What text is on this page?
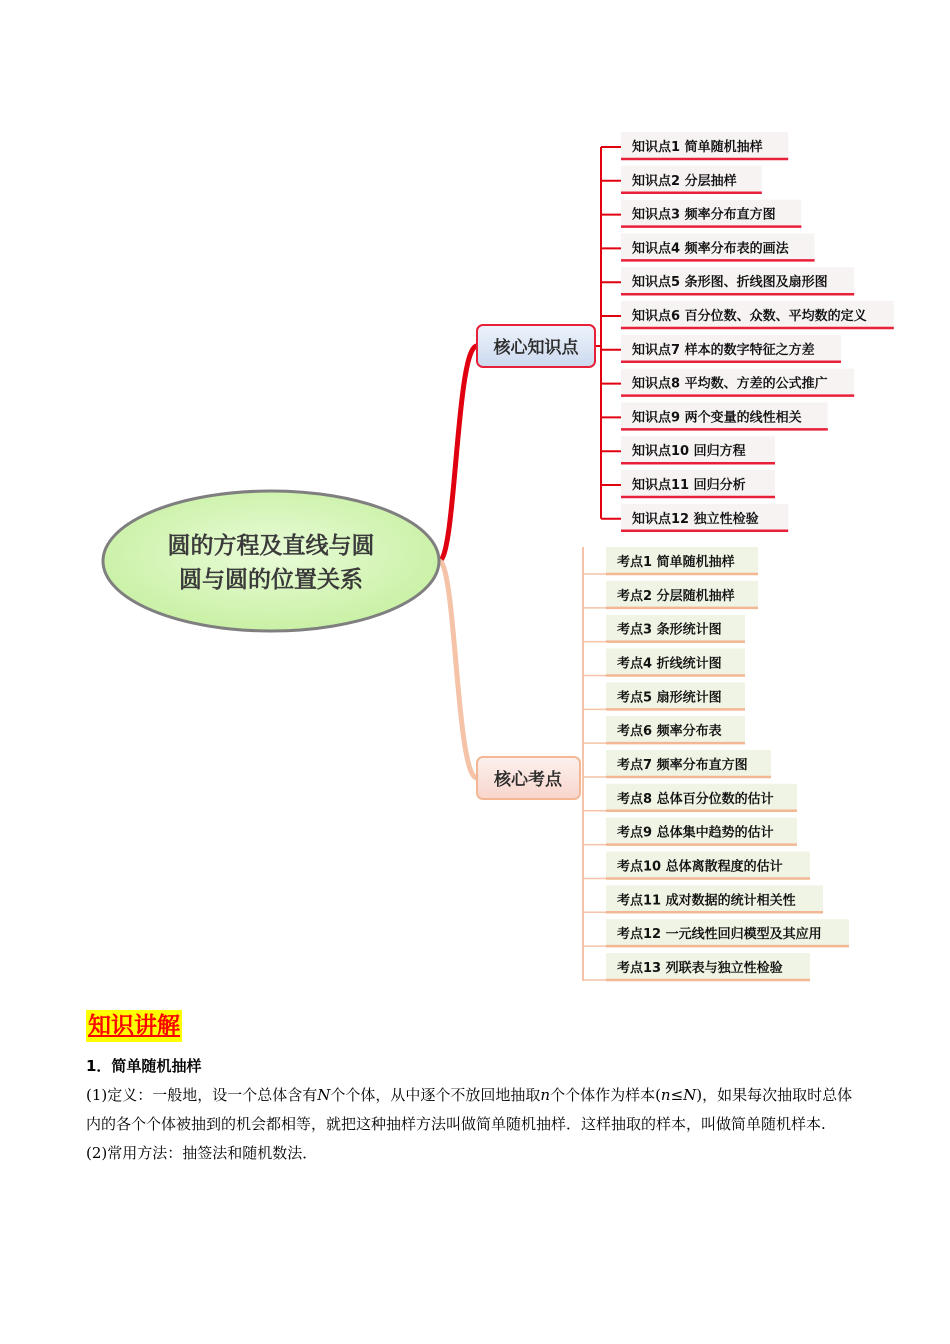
知识点1 简单随机抽样
知识点2 分层抽样
知识点3 频率分布直方图
知识点4 频率分布表的画法
知识点5 条形图、折线图及扇形图
知识点6 百分位数、众数、平均数的定义
知识点7 样本的数字特征之方差
知识点8 平均数、方差的公式推广
知识点9 两个变量的线性相关
知识点10 回归方程
知识点11 回归分析
知识点12 独立性检验
考点1 简单随机抽样
考点2 分层随机抽样
考点3 条形统计图
考点4 折线统计图
考点5 扇形统计图
考点6 频率分布表
考点7 频率分布直方图
考点8 总体百分位数的估计
考点9 总体集中趋势的估计
考点10 总体离散程度的估计
考点11 成对数据的统计相关性
考点12 一元线性回归模型及其应用
考点13 列联表与独立性检验
核心知识点
核心考点
圆的方程及直线与圆
圆与圆的位置关系
知识讲解

1．简单随机抽样

(1)定义：一般地，设一个总体含有N个个体，从中逐个不放回地抽取n个个体作为样本(n≤N)，如果每次抽取时总体内的各个个体被抽到的机会都相等，就把这种抽样方法叫做简单随机抽样．这样抽取的样本，叫做简单随机样本.

(2)常用方法：抽签法和随机数法．
